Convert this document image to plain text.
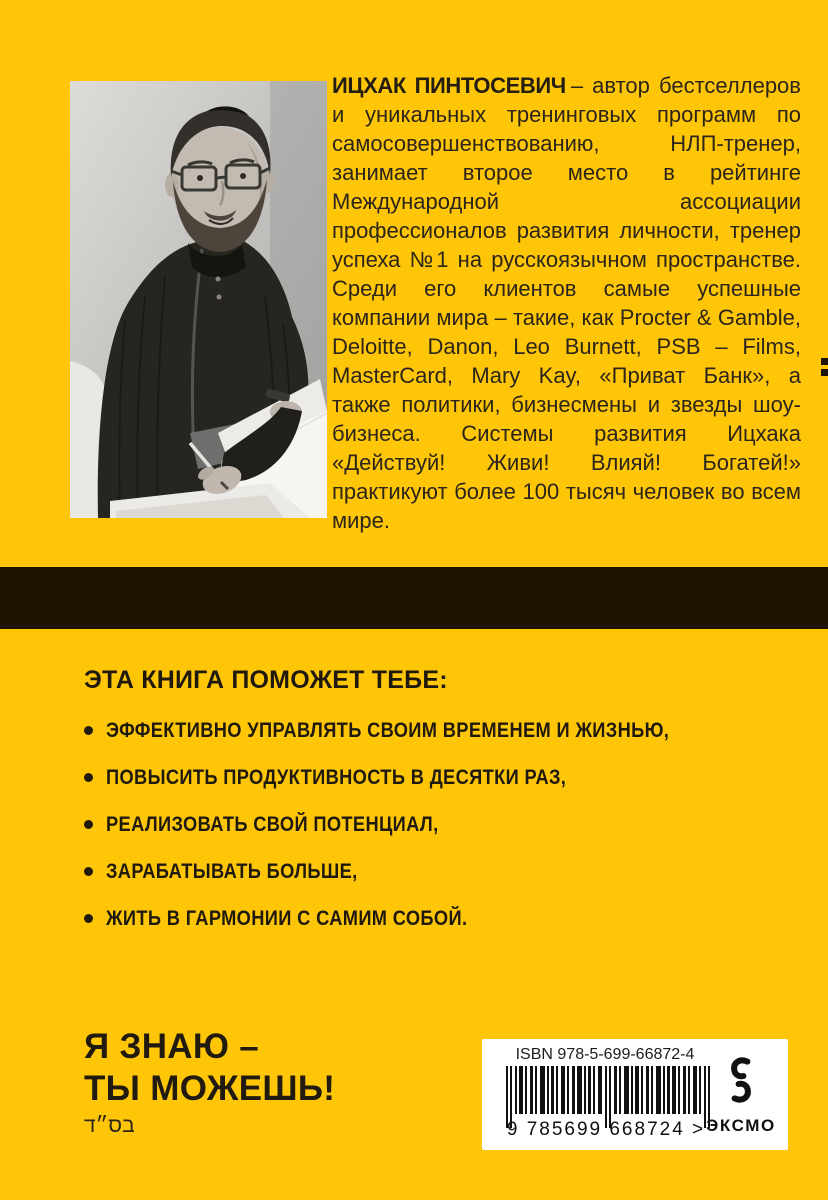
ИЦХАК ПИНТОСЕВИЧ – автор бестселлеров и уникальных тренинговых программ по самосовершенствованию, НЛП-тренер, занимает второе место в рейтинге Международной ассоциации профессионалов развития личности, тренер успеха №1 на русскоязычном пространстве. Среди его клиентов самые успешные компании мира – такие, как Procter & Gamble, Deloitte, Danon, Leo Burnett, PSB – Films, MasterCard, Mary Kay, «Приват Банк», а также политики, бизнесмены и звезды шоу-бизнеса. Системы развития Ицхака «Действуй! Живи! Влияй! Богатей!» практикуют более 100 тысяч человек во всем мире.

ЭТА КНИГА ПОМОЖЕТ ТЕБЕ:
ЭФФЕКТИВНО УПРАВЛЯТЬ СВОИМ ВРЕМЕНЕМ И ЖИЗНЬЮ,
ПОВЫСИТЬ ПРОДУКТИВНОСТЬ В ДЕСЯТКИ РАЗ,
РЕАЛИЗОВАТЬ СВОЙ ПОТЕНЦИАЛ,
ЗАРАБАТЫВАТЬ БОЛЬШЕ,
ЖИТЬ В ГАРМОНИИ С САМИМ СОБОЙ.
Я ЗНАЮ –
ТЫ МОЖЕШЬ!
בס״ד
ISBN 978-5-699-66872-4
9 785699 668724 > ЭКСМО
